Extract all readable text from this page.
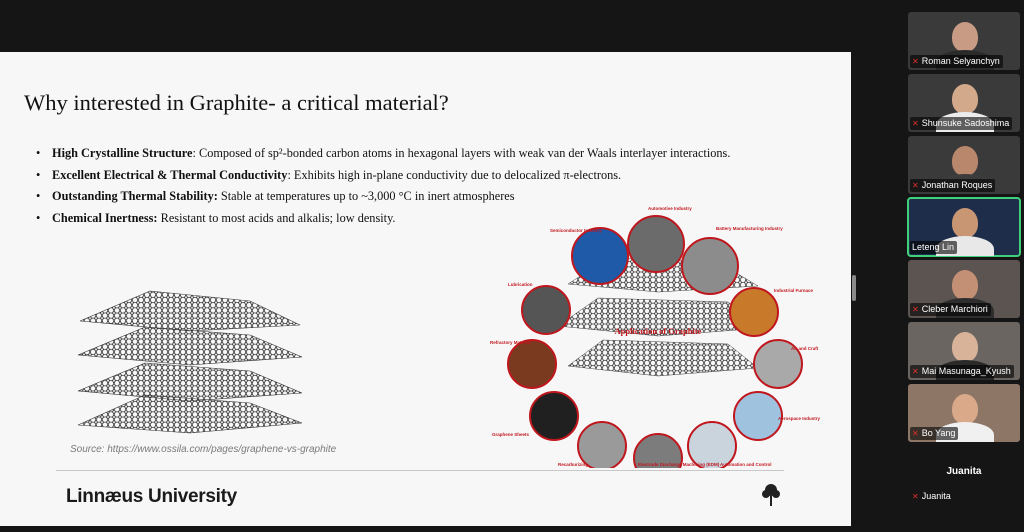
Why interested in Graphite- a critical material?
• High Crystalline Structure: Composed of sp²-bonded carbon atoms in hexagonal layers with weak van der Waals interlayer interactions.
• Excellent Electrical & Thermal Conductivity: Exhibits high in-plane conductivity due to delocalized π-electrons.
• Outstanding Thermal Stability: Stable at temperatures up to ~3,000 °C in inert atmospheres
• Chemical Inertness: Resistant to most acids and alkalis; low density.
Application of Graphite
Automotive Industry
Battery Manufacturing Industry
Industrial Furnace
Air and Craft
Aerospace Industry
Automation and Control
Electrode Discharge Machining (EDM)
Recarburizing
Graphene Sheets
Refractory Material
Lubrication
Semiconductor Industry
Source: https://www.ossila.com/pages/graphene-vs-graphite
Linnæus University
✕ Roman Selyanchyn
✕ Shunsuke Sadoshima
✕ Jonathan Roques
Leteng Lin
✕ Cleber Marchiori
✕ Mai Masunaga_Kyush
✕ Bo Yang
Juanita
✕ Juanita
